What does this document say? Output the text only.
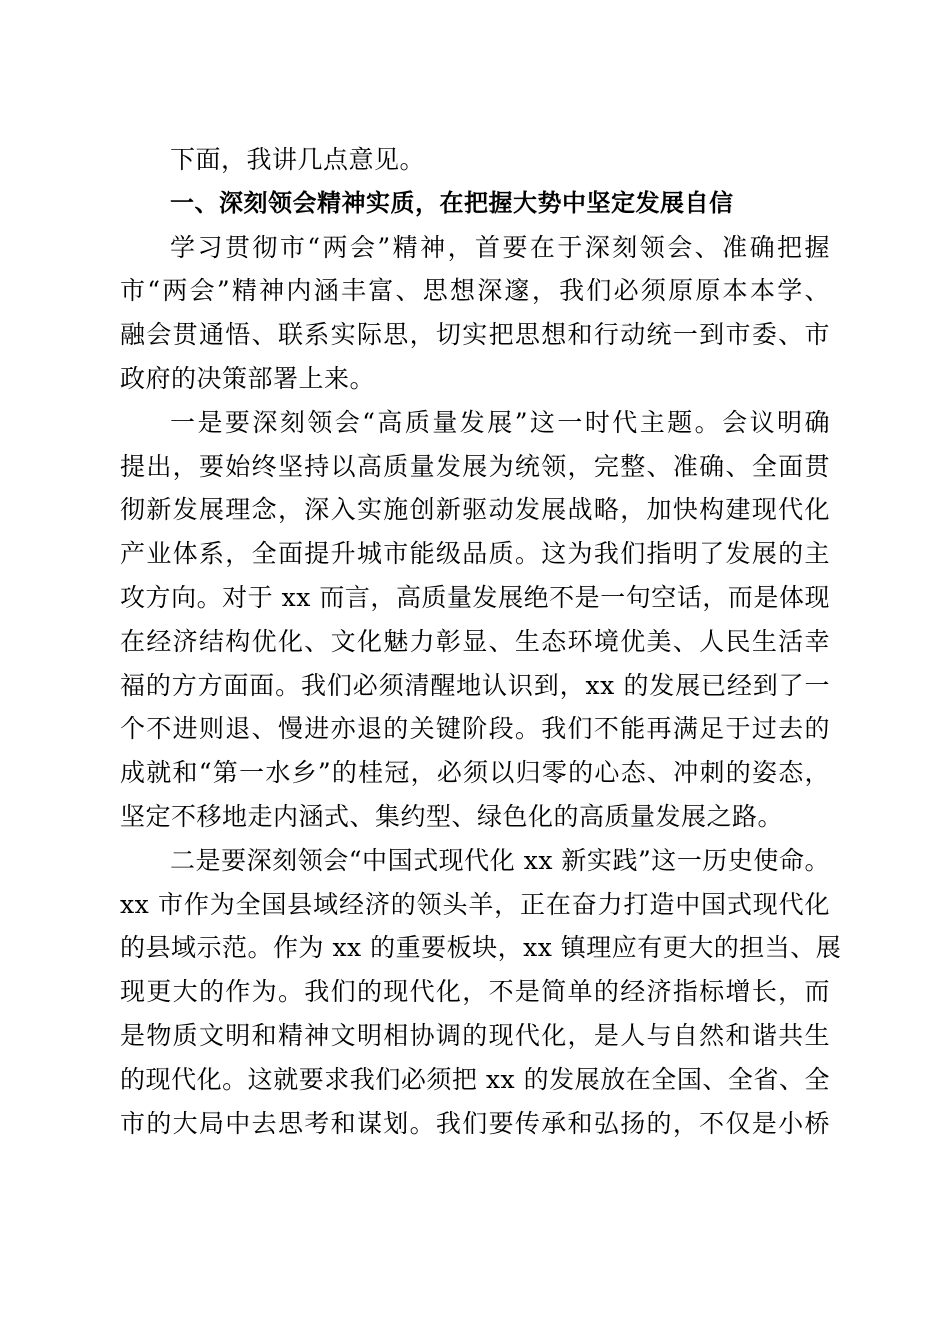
下面，我讲几点意见。
一、深刻领会精神实质，在把握大势中坚定发展自信
学习贯彻市“两会”精神，首要在于深刻领会、准确把握
市“两会”精神内涵丰富、思想深邃，我们必须原原本本学、
融会贯通悟、联系实际思，切实把思想和行动统一到市委、市
政府的决策部署上来。
一是要深刻领会“高质量发展”这一时代主题。会议明确
提出，要始终坚持以高质量发展为统领，完整、准确、全面贯
彻新发展理念，深入实施创新驱动发展战略，加快构建现代化
产业体系，全面提升城市能级品质。这为我们指明了发展的主
攻方向。对于 xx 而言，高质量发展绝不是一句空话，而是体现
在经济结构优化、文化魅力彰显、生态环境优美、人民生活幸
福的方方面面。我们必须清醒地认识到，xx 的发展已经到了一
个不进则退、慢进亦退的关键阶段。我们不能再满足于过去的
成就和“第一水乡”的桂冠，必须以归零的心态、冲刺的姿态，
坚定不移地走内涵式、集约型、绿色化的高质量发展之路。
二是要深刻领会“中国式现代化 xx 新实践”这一历史使命。
xx 市作为全国县域经济的领头羊，正在奋力打造中国式现代化
的县域示范。作为 xx 的重要板块，xx 镇理应有更大的担当、展
现更大的作为。我们的现代化，不是简单的经济指标增长，而
是物质文明和精神文明相协调的现代化，是人与自然和谐共生
的现代化。这就要求我们必须把 xx 的发展放在全国、全省、全
市的大局中去思考和谋划。我们要传承和弘扬的，不仅是小桥
